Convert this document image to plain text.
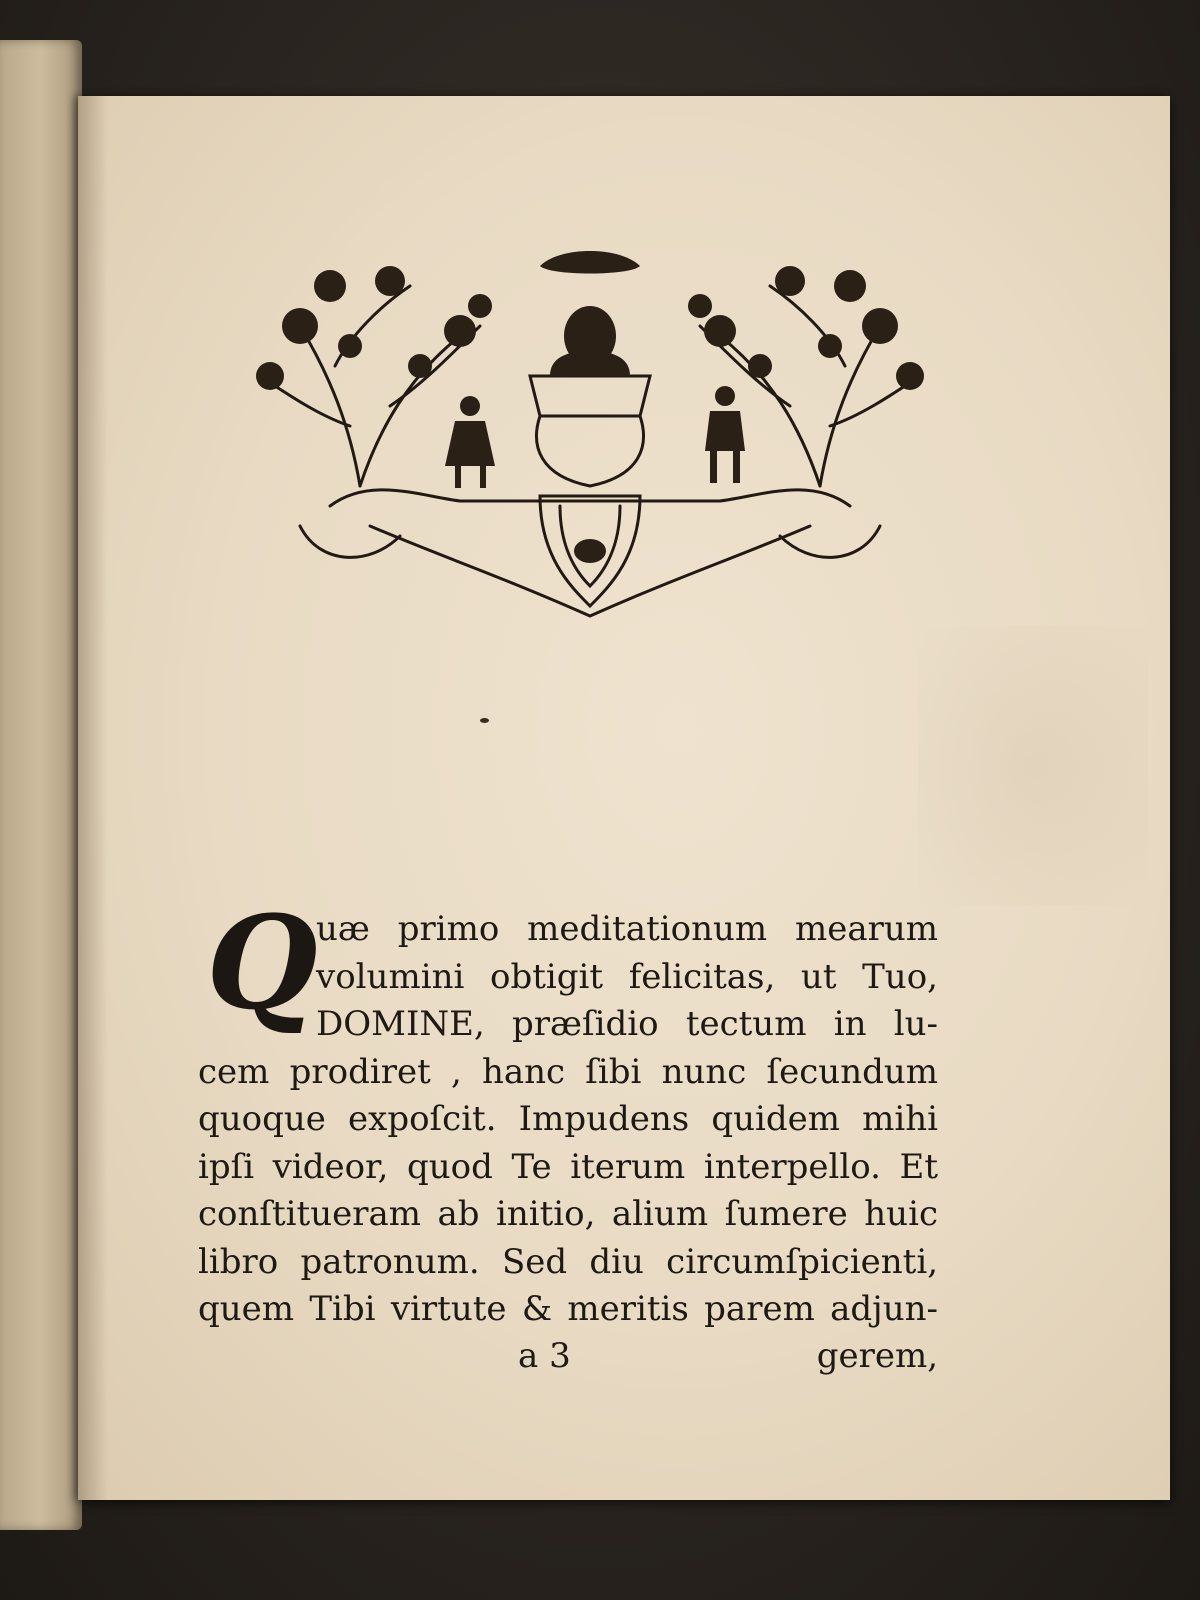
Q
uæ primo meditationum mearum
volumini obtigit felicitas, ut Tuo,
DOMINE, præſidio tectum in lu-
cem prodiret , hanc ſibi nunc ſecundum
quoque expoſcit. Impudens quidem mihi
ipſi videor, quod Te iterum interpello. Et
conſtitueram ab initio, alium ſumere huic
libro patronum. Sed diu circumſpicienti,
quem Tibi virtute & meritis parem adjun-
a 3	gerem,
